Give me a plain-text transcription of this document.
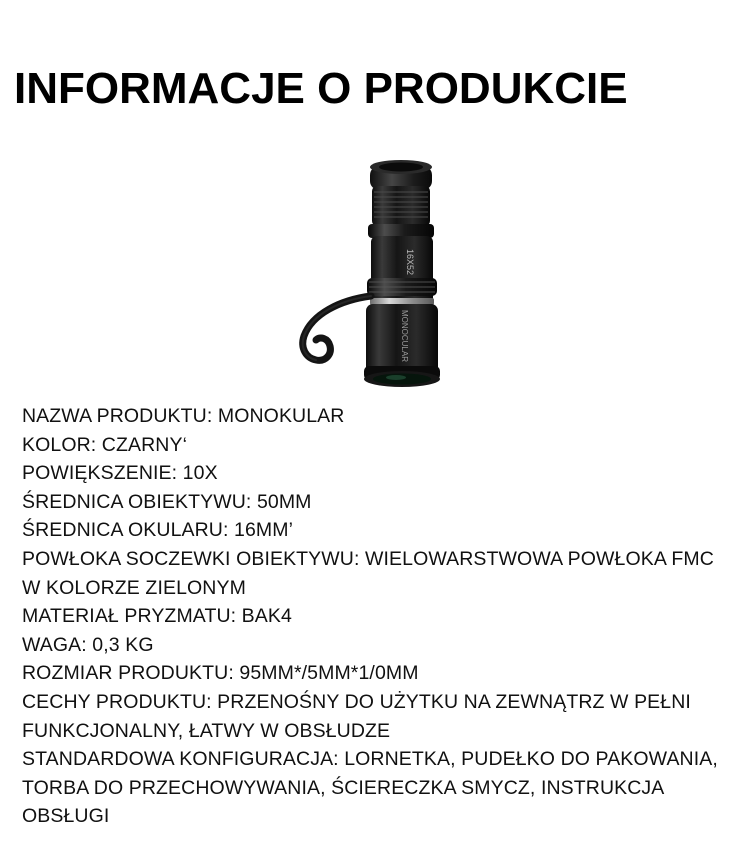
INFORMACJE O PRODUKCIE
16X52
MONOCULAR
NAZWA PRODUKTU: MONOKULAR
KOLOR: CZARNY‘
POWIĘKSZENIE: 10X
ŚREDNICA OBIEKTYWU: 50MM
ŚREDNICA OKULARU: 16MM’
POWŁOKA SOCZEWKI OBIEKTYWU: WIELOWARSTWOWA POWŁOKA FMC W KOLORZE ZIELONYM
MATERIAŁ PRYZMATU: BAK4
WAGA: 0,3 KG
ROZMIAR PRODUKTU: 95MM*/5MM*1/0MM
CECHY PRODUKTU: PRZENOŚNY DO UŻYTKU NA ZEWNĄTRZ W PEŁNI FUNKCJONALNY, ŁATWY W OBSŁUDZE
STANDARDOWA KONFIGURACJA: LORNETKA, PUDEŁKO DO PAKOWANIA, TORBA DO PRZECHOWYWANIA, ŚCIERECZKA SMYCZ, INSTRUKCJA OBSŁUGI
